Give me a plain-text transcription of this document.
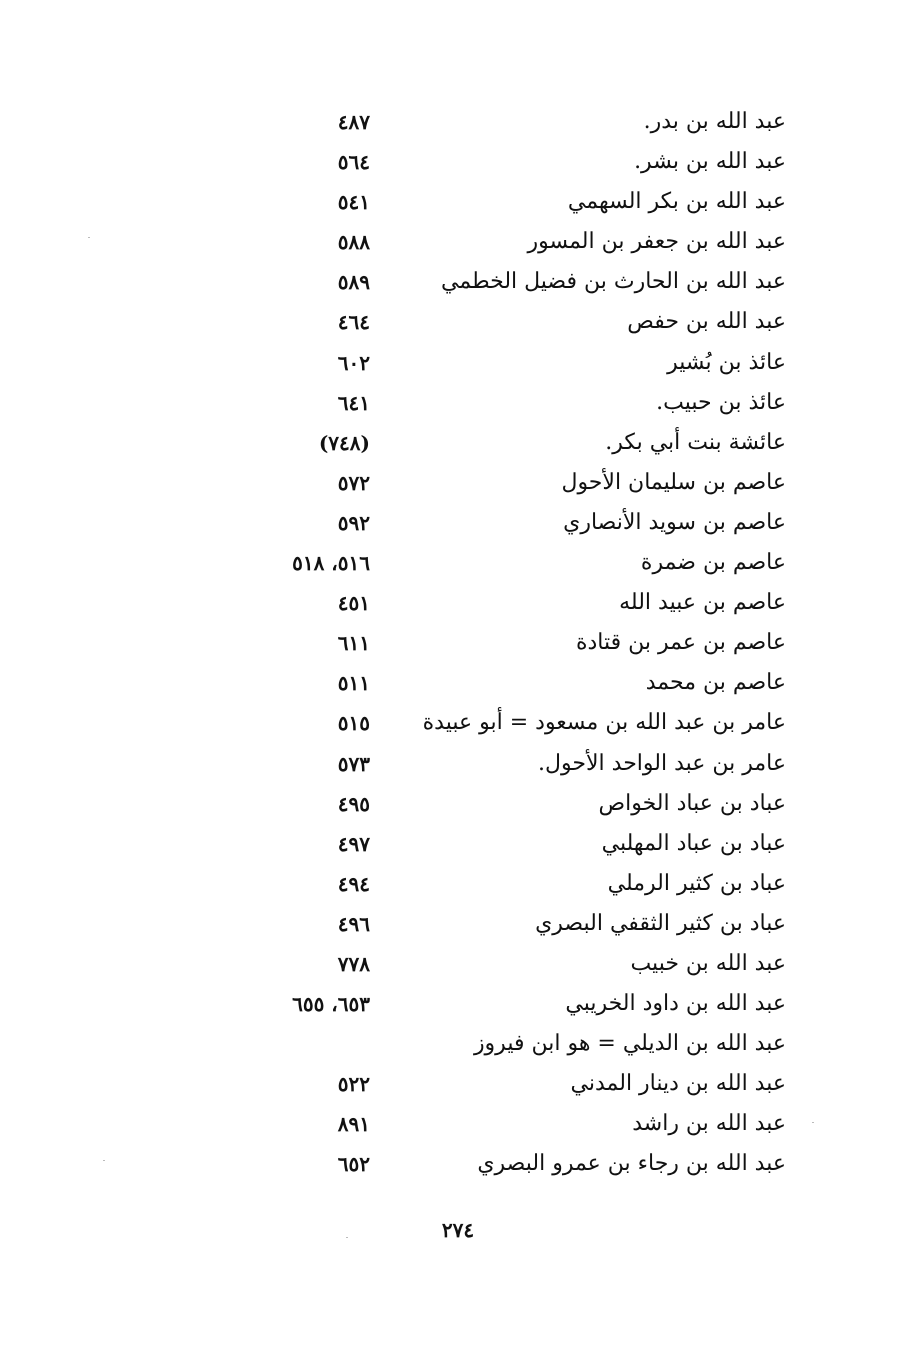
عبد الله بن بدر.
٤٨٧
عبد الله بن بشر.
٥٦٤
عبد الله بن بكر السهمي
٥٤١
عبد الله بن جعفر بن المسور
٥٨٨
عبد الله بن الحارث بن فضيل الخطمي
٥٨٩
عبد الله بن حفص
٤٦٤
عائذ بن بُشير
٦٠٢
عائذ بن حبيب.
٦٤١
عائشة بنت أبي بكر.
(٧٤٨)
عاصم بن سليمان الأحول
٥٧٢
عاصم بن سويد الأنصاري
٥٩٢
عاصم بن ضمرة
٥١٦، ٥١٨
عاصم بن عبيد الله
٤٥١
عاصم بن عمر بن قتادة
٦١١
عاصم بن محمد
٥١١
عامر بن عبد الله بن مسعود = أبو عبيدة
٥١٥
عامر بن عبد الواحد الأحول.
٥٧٣
عباد بن عباد الخواص
٤٩٥
عباد بن عباد المهلبي
٤٩٧
عباد بن كثير الرملي
٤٩٤
عباد بن كثير الثقفي البصري
٤٩٦
عبد الله بن خبيب
٧٧٨
عبد الله بن داود الخريبي
٦٥٣، ٦٥٥
عبد الله بن الديلي = هو ابن فيروز
عبد الله بن دينار المدني
٥٢٢
عبد الله بن راشد
٨٩١
عبد الله بن رجاء بن عمرو البصري
٦٥٢
٢٧٤
